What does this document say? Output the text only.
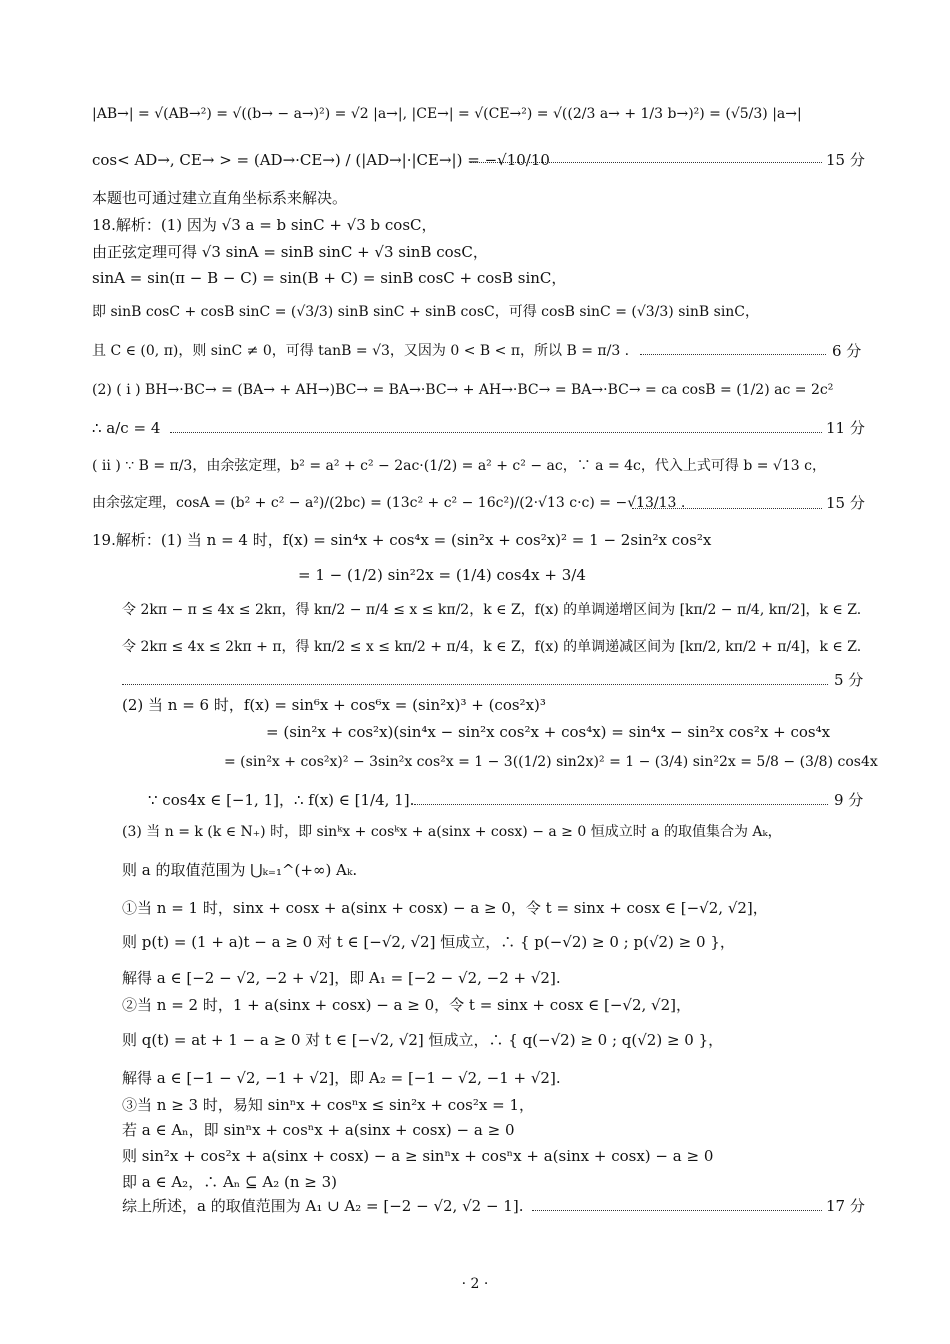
|AB→| = √(AB→²) = √((b→ − a→)²) = √2 |a→|, |CE→| = √(CE→²) = √((2/3 a→ + 1/3 b→)²) = (√5/3) |a→|
cos< AD→, CE→ > = (AD→·CE→) / (|AD→|·|CE→|) = −√10/10	15 分
本题也可通过建立直角坐标系来解决。
18.解析：(1) 因为 √3 a = b sinC + √3 b cosC，
由正弦定理可得 √3 sinA = sinB sinC + √3 sinB cosC，
sinA = sin(π − B − C) = sin(B + C) = sinB cosC + cosB sinC，
即 sinB cosC + cosB sinC = (√3/3) sinB sinC + sinB cosC，可得 cosB sinC = (√3/3) sinB sinC，
且 C ∈ (0, π)，则 sinC ≠ 0，可得 tanB = √3，又因为 0 < B < π，所以 B = π/3 .	6 分
(2) ( i ) BH→·BC→ = (BA→ + AH→)BC→ = BA→·BC→ + AH→·BC→ = BA→·BC→ = ca cosB = (1/2) ac = 2c²
∴ a/c = 4	11 分
( ii ) ∵ B = π/3，由余弦定理，b² = a² + c² − 2ac·(1/2) = a² + c² − ac，∵ a = 4c，代入上式可得 b = √13 c，
由余弦定理，cosA = (b² + c² − a²)/(2bc) = (13c² + c² − 16c²)/(2·√13 c·c) = −√13/13 .	15 分
19.解析：(1) 当 n = 4 时，f(x) = sin⁴x + cos⁴x = (sin²x + cos²x)² = 1 − 2sin²x cos²x
= 1 − (1/2) sin²2x = (1/4) cos4x + 3/4
令 2kπ − π ≤ 4x ≤ 2kπ，得 kπ/2 − π/4 ≤ x ≤ kπ/2，k ∈ Z，f(x) 的单调递增区间为 [kπ/2 − π/4, kπ/2]，k ∈ Z.
令 2kπ ≤ 4x ≤ 2kπ + π，得 kπ/2 ≤ x ≤ kπ/2 + π/4，k ∈ Z，f(x) 的单调递减区间为 [kπ/2, kπ/2 + π/4]，k ∈ Z.
5 分
(2) 当 n = 6 时，f(x) = sin⁶x + cos⁶x = (sin²x)³ + (cos²x)³
= (sin²x + cos²x)(sin⁴x − sin²x cos²x + cos⁴x) = sin⁴x − sin²x cos²x + cos⁴x
= (sin²x + cos²x)² − 3sin²x cos²x = 1 − 3((1/2) sin2x)² = 1 − (3/4) sin²2x = 5/8 − (3/8) cos4x
∵ cos4x ∈ [−1, 1]，∴ f(x) ∈ [1/4, 1].	9 分
(3) 当 n = k (k ∈ N₊) 时，即 sinᵏx + cosᵏx + a(sinx + cosx) − a ≥ 0 恒成立时 a 的取值集合为 Aₖ，
则 a 的取值范围为 ⋃ₖ₌₁^(+∞) Aₖ.
①当 n = 1 时，sinx + cosx + a(sinx + cosx) − a ≥ 0，令 t = sinx + cosx ∈ [−√2, √2]，
则 p(t) = (1 + a)t − a ≥ 0 对 t ∈ [−√2, √2] 恒成立，∴ { p(−√2) ≥ 0 ; p(√2) ≥ 0 }，
解得 a ∈ [−2 − √2, −2 + √2]，即 A₁ = [−2 − √2, −2 + √2].
②当 n = 2 时，1 + a(sinx + cosx) − a ≥ 0，令 t = sinx + cosx ∈ [−√2, √2]，
则 q(t) = at + 1 − a ≥ 0 对 t ∈ [−√2, √2] 恒成立，∴ { q(−√2) ≥ 0 ; q(√2) ≥ 0 }，
解得 a ∈ [−1 − √2, −1 + √2]，即 A₂ = [−1 − √2, −1 + √2].
③当 n ≥ 3 时，易知 sinⁿx + cosⁿx ≤ sin²x + cos²x = 1，
若 a ∈ Aₙ，即 sinⁿx + cosⁿx + a(sinx + cosx) − a ≥ 0
则 sin²x + cos²x + a(sinx + cosx) − a ≥ sinⁿx + cosⁿx + a(sinx + cosx) − a ≥ 0
即 a ∈ A₂，∴ Aₙ ⊆ A₂ (n ≥ 3)
综上所述，a 的取值范围为 A₁ ∪ A₂ = [−2 − √2, √2 − 1].	17 分
· 2 ·
